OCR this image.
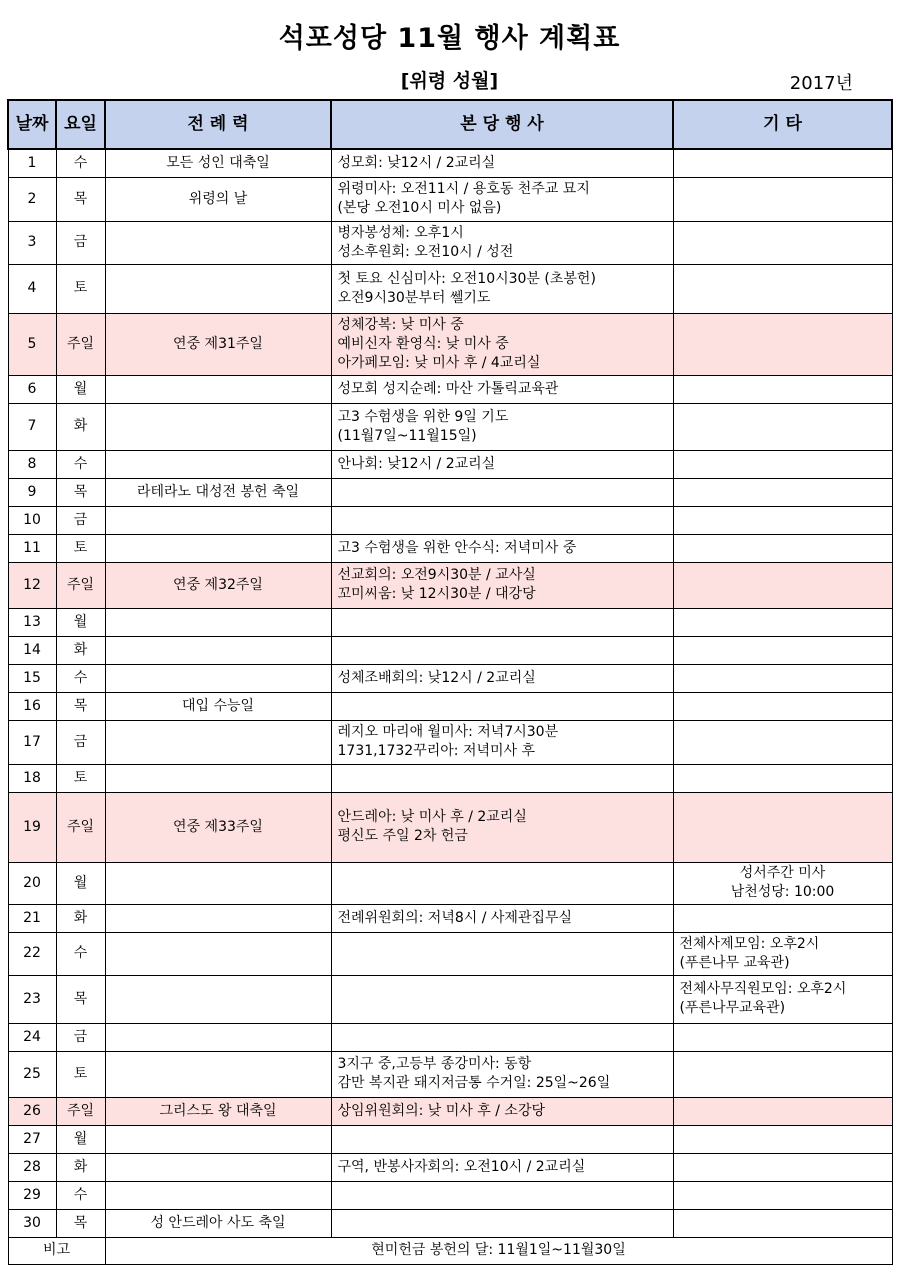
석포성당 11월 행사 계획표
[위령 성월]	2017년
날짜	요일	전 례 력	본 당 행 사	기 타
1	수	모든 성인 대축일	성모회: 낮12시 / 2교리실	
2	목	위령의 날	위령미사: 오전11시 / 용호동 천주교 묘지
(본당 오전10시 미사 없음)	
3	금		병자봉성체: 오후1시
성소후원회: 오전10시 / 성전	
4	토		첫 토요 신심미사: 오전10시30분 (초봉헌)
오전9시30분부터 쎌기도	
5	주일	연중 제31주일	성체강복: 낮 미사 중
예비신자 환영식: 낮 미사 중
아가페모임: 낮 미사 후 / 4교리실	
6	월		성모회 성지순례: 마산 가톨릭교육관	
7	화		고3 수험생을 위한 9일 기도
(11월7일~11월15일)	
8	수		안나회: 낮12시 / 2교리실	
9	목	라테라노 대성전 봉헌 축일		
10	금			
11	토		고3 수험생을 위한 안수식: 저녁미사 중	
12	주일	연중 제32주일	선교회의: 오전9시30분 / 교사실
꼬미씨움: 낮 12시30분 / 대강당	
13	월			
14	화			
15	수		성체조배회의: 낮12시 / 2교리실	
16	목	대입 수능일		
17	금		레지오 마리애 월미사: 저녁7시30분
1731,1732꾸리아: 저녁미사 후	
18	토			
19	주일	연중 제33주일	안드레아: 낮 미사 후 / 2교리실
평신도 주일 2차 헌금	
20	월			성서주간 미사
남천성당: 10:00
21	화		전례위원회의: 저녁8시 / 사제관집무실	
22	수			전체사제모임: 오후2시
(푸른나무 교육관)
23	목			전체사무직원모임: 오후2시
(푸른나무교육관)
24	금			
25	토		3지구 중,고등부 종강미사: 동항
감만 복지관 돼지저금통 수거일: 25일~26일	
26	주일	그리스도 왕 대축일	상임위원회의: 낮 미사 후 / 소강당	
27	월			
28	화		구역, 반봉사자회의: 오전10시 / 2교리실	
29	수			
30	목	성 안드레아 사도 축일		
비고		현미헌금 봉헌의 달: 11월1일~11월30일		
